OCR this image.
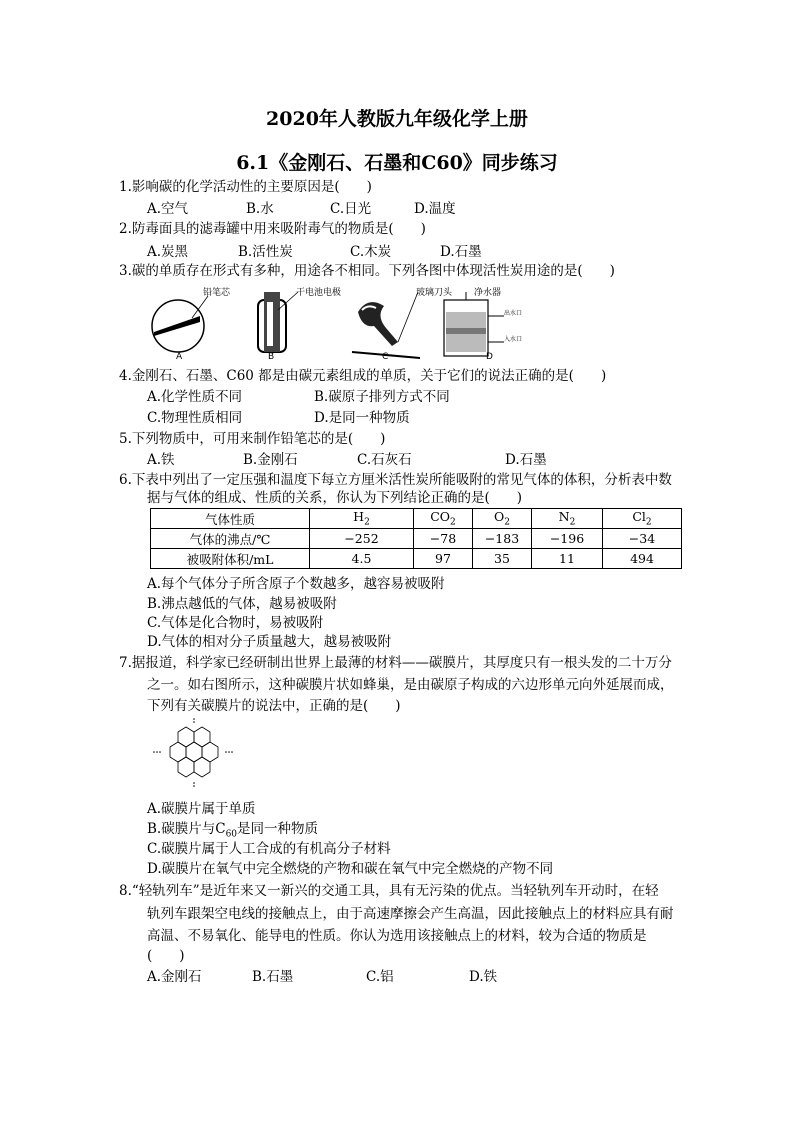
2020年人教版九年级化学上册
6.1《金刚石、石墨和C60》同步练习
1.影响碳的化学活动性的主要原因是(　　)
A.空气	B.水	C.日光	D.温度
2.防毒面具的滤毒罐中用来吸附毒气的物质是(　　)
A.炭黑	B.活性炭	C.木炭	D.石墨
3.碳的单质存在形式有多种，用途各不相同。下列各图中体现活性炭用途的是(　　)
铅笔芯	干电池电极	玻璃刀头 净水器
出水口
入水口
A	B	C	D
4.金刚石、石墨、C60 都是由碳元素组成的单质，关于它们的说法正确的是(　　)
A.化学性质不同	B.碳原子排列方式不同
C.物理性质相同	D.是同一种物质
5.下列物质中，可用来制作铅笔芯的是(　　)
A.铁	B.金刚石	C.石灰石	D.石墨
6.下表中列出了一定压强和温度下每立方厘米活性炭所能吸附的常见气体的体积，分析表中数
据与气体的组成、性质的关系，你认为下列结论正确的是(　　)
气体性质	$H_2$	$CO_2$	$O_2$	$N_2$	$Cl_2$
气体的沸点/℃	−252	−78	−183	−196	−34
被吸附体积/mL	4.5	97	35	11	494
A.每个气体分子所含原子个数越多，越容易被吸附
B.沸点越低的气体，越易被吸附
C.气体是化合物时，易被吸附
D.气体的相对分子质量越大，越易被吸附
7.据报道，科学家已经研制出世界上最薄的材料——碳膜片，其厚度只有一根头发的二十万分
之一。如右图所示，这种碳膜片状如蜂巢，是由碳原子构成的六边形单元向外延展而成，
下列有关碳膜片的说法中，正确的是(　　)
A.碳膜片属于单质
B.碳膜片与$C_{60}$是同一种物质
C.碳膜片属于人工合成的有机高分子材料
D.碳膜片在氧气中完全燃烧的产物和碳在氧气中完全燃烧的产物不同
8.“轻轨列车”是近年来又一新兴的交通工具，具有无污染的优点。当轻轨列车开动时，在轻
轨列车跟架空电线的接触点上，由于高速摩擦会产生高温，因此接触点上的材料应具有耐
高温、不易氧化、能导电的性质。你认为选用该接触点上的材料，较为合适的物质是
(　　)
A.金刚石	B.石墨	C.铝	D.铁
